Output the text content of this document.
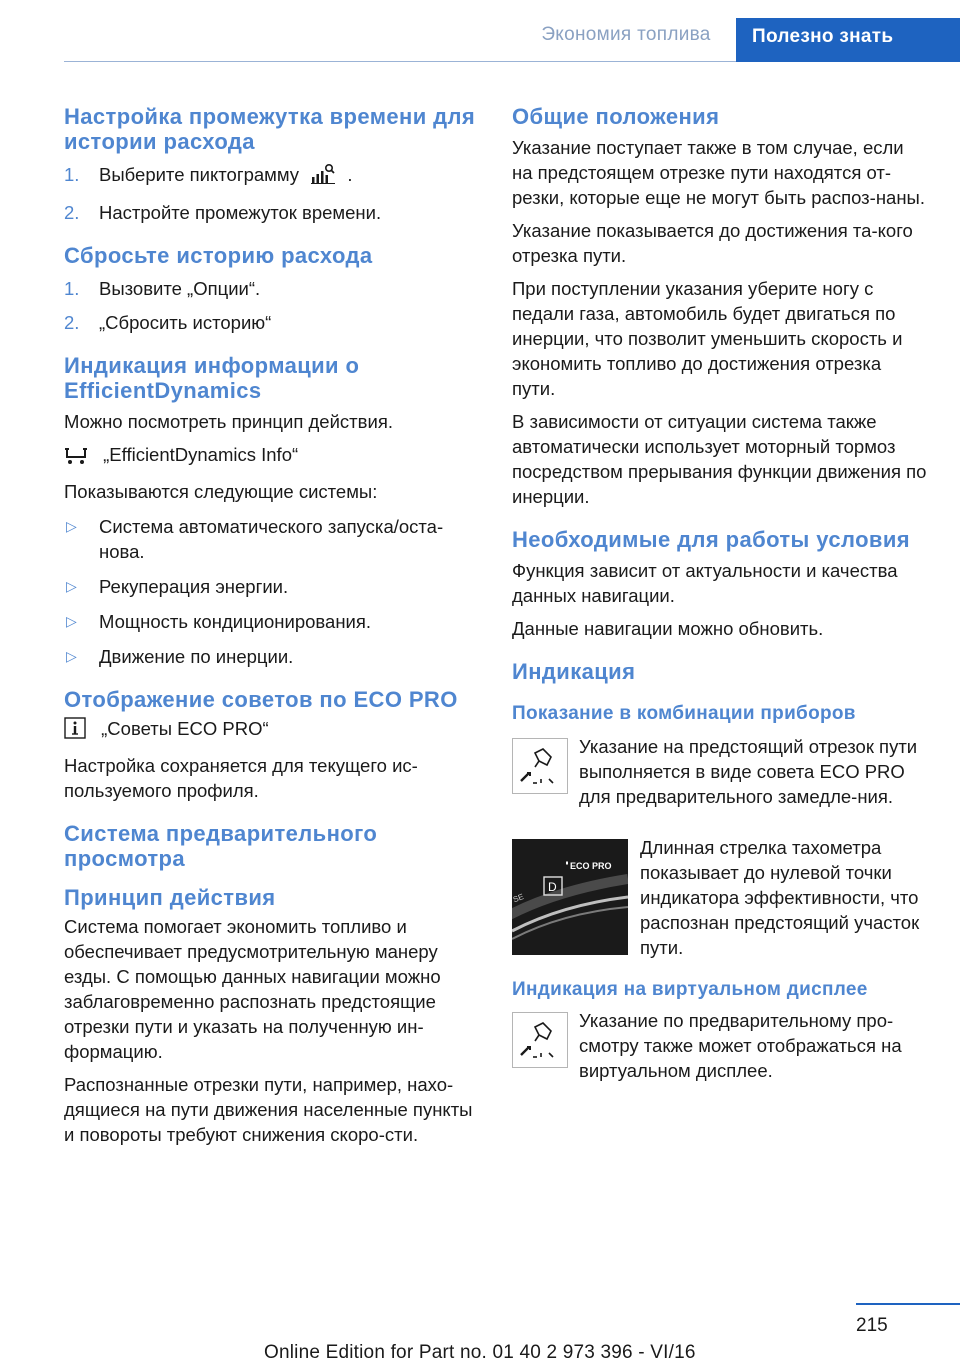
Экономия топлива	Полезно знать
Настройка промежутка времени для истории расхода
1. Выберите пиктограмму	.
2. Настройте промежуток времени.
Сбросьте историю расхода
1. Вызовите „Опции“.
2. „Сбросить историю“
Индикация информации о EfficientDynamics

Можно посмотреть принцип действия.

„EfficientDynamics Info“

Показываются следующие системы:

▷ Система автоматического запуска/оста-нова.
▷ Рекуперация энергии.
▷ Мощность кондиционирования.
▷ Движение по инерции.
Отображение советов по ECO PRO
„Советы ECO PRO“

Настройка сохраняется для текущего ис-пользуемого профиля.

Система предварительного просмотра
Принцип действия

Система помогает экономить топливо и обеспечивает предусмотрительную манеру езды. С помощью данных навигации можно заблаговременно распознать предстоящие отрезки пути и указать на полученную ин-формацию.

Распознанные отрезки пути, например, нахо-дящиеся на пути движения населенные пункты и повороты требуют снижения скоро-сти.

Общие положения

Указание поступает также в том случае, если на предстоящем отрезке пути находятся от-резки, которые еще не могут быть распоз-наны.

Указание показывается до достижения та-кого отрезка пути.

При поступлении указания уберите ногу с педали газа, автомобиль будет двигаться по инерции, что позволит уменьшить скорость и экономить топливо до достижения отрезка пути.

В зависимости от ситуации система также автоматически использует моторный тормоз посредством прерывания функции движения по инерции.

Необходимые для работы условия

Функция зависит от актуальности и качества данных навигации.

Данные навигации можно обновить.

Индикация
Показание в комбинации приборов
Указание на предстоящий отрезок пути выполняется в виде совета ECO PRO для предварительного замедле-ния.
D
ECO PRO
SE
Длинная стрелка тахометра показывает до нулевой точки индикатора эффективности, что распознан предстоящий участок пути.
Индикация на виртуальном дисплее
Указание по предварительному про-смотру также может отображаться на виртуальном дисплее.
215
Online Edition for Part no. 01 40 2 973 396 - VI/16
